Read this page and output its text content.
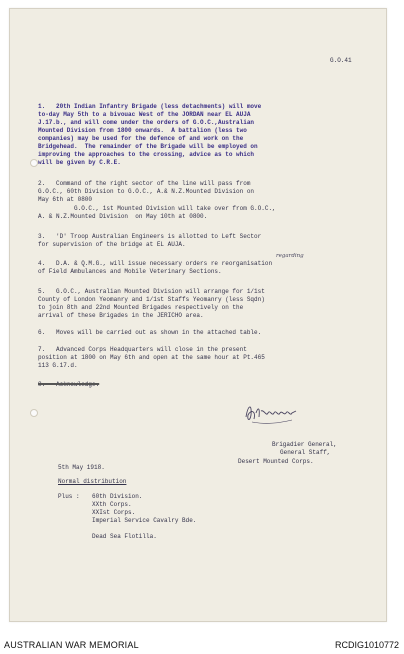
G.O.41
1.   20th Indian Infantry Brigade (less detachments) will move
to-day May 5th to a bivouac West of the JORDAN near EL AUJA
J.17.b., and will come under the orders of G.O.C.,Australian
Mounted Division from 1800 onwards.  A battalion (less two
companies) may be used for the defence of and work on the
Bridgehead.  The remainder of the Brigade will be employed on
improving the approaches to the crossing, advice as to which
will be given by C.R.E.
2.   Command of the right sector of the line will pass from
G.O.C., 60th Division to G.O.C., A.& N.Z.Mounted Division on
May 6th at 0800
G.O.C., 1st Mounted Division will take over from G.O.C.,
A. & N.Z.Mounted Division  on May 10th at 0800.
3.   'D' Troop Australian Engineers is allotted to Left Sector
for supervision of the bridge at EL AUJA.
regarding
4.   D.A. & Q.M.G., will issue necessary orders re reorganisation
of Field Ambulances and Mobile Veterinary Sections.
5.   G.O.C., Australian Mounted Division will arrange for 1/1st
County of London Yeomanry and 1/1st Staffs Yeomanry (less Sqdn)
to join 8th and 22nd Mounted Brigades respectively on the
arrival of these Brigades in the JERICHO area.
6.   Moves will be carried out as shown in the attached table.
7.   Advanced Corps Headquarters will close in the present
position at 1800 on May 6th and open at the same hour at Pt.465
113 G.17.d.
8.   Acknowledge.
Brigadier General,
General Staff,
Desert Mounted Corps.
5th May 1918.
Normal distribution
Plus : 60th Division.
XXth Corps.
XXIst Corps.
Imperial Service Cavalry Bde.
Dead Sea Flotilla.
AUSTRALIAN WAR MEMORIAL	RCDIG1010772
